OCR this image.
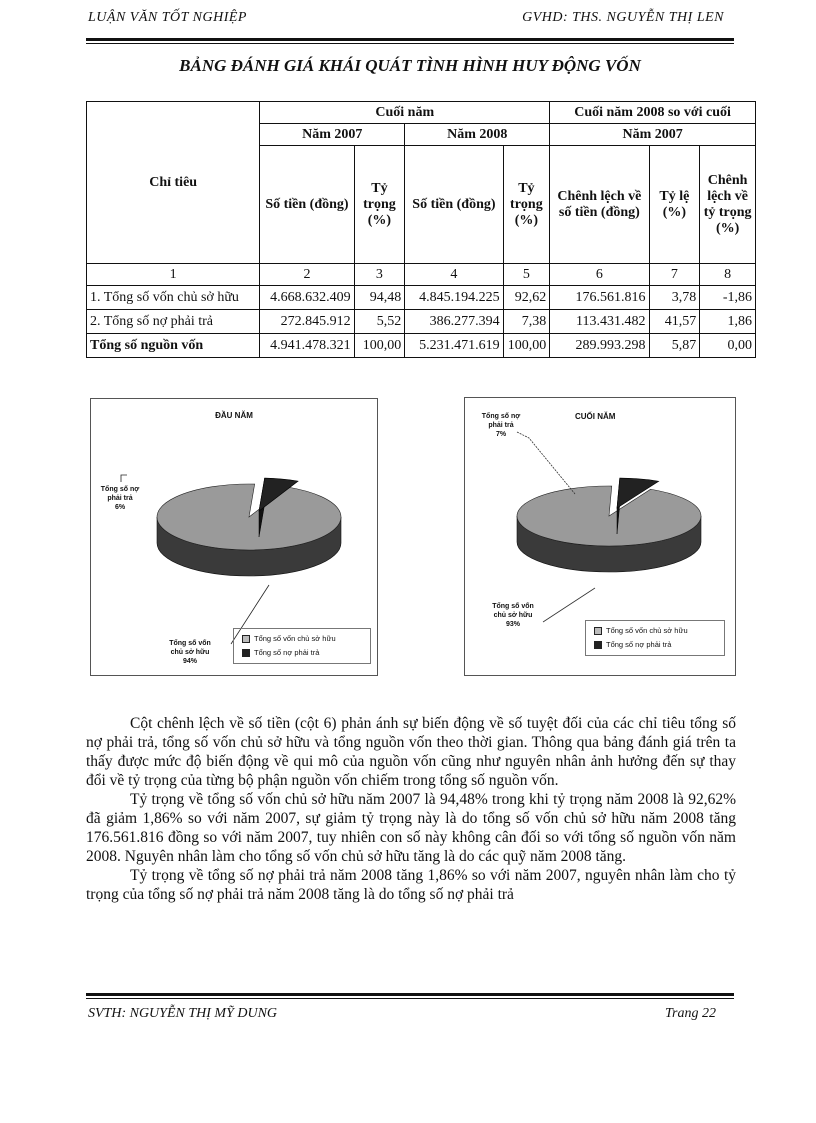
LUẬN VĂN TỐT NGHIỆP	GVHD: THS. NGUYỄN THỊ LEN
BẢNG ĐÁNH GIÁ KHÁI QUÁT TÌNH HÌNH HUY ĐỘNG VỐN
Chỉ tiêu	Cuối năm				Cuối năm 2008 so với cuối		
	Năm 2007		Năm 2008		Năm 2007		
	Số tiền (đồng)	Tỷ trọng (%)	Số tiền (đồng)	Tỷ trọng (%)	Chênh lệch về số tiền (đồng)	Tỷ lệ (%)	Chênh lệch về tỷ trọng (%)
1	2	3	4	5	6	7	8
1. Tổng số vốn chủ sở hữu	4.668.632.409	94,48	4.845.194.225	92,62	176.561.816	3,78	-1,86
2. Tổng số nợ phải trả	272.845.912	5,52	386.277.394	7,38	113.431.482	41,57	1,86
Tổng số nguồn vốn	4.941.478.321	100,00	5.231.471.619	100,00	289.993.298	5,87	0,00
ĐẦU NĂM
Tổng số nợ
phải trả
6%
Tổng số vốn
chủ sở hữu
94%
Tổng số vốn chủ sở hữu
Tổng số nợ phải trả
CUỐI NĂM
Tổng số nợ
phải trả
7%
Tổng số vốn
chủ sở hữu
93%
Tổng số vốn chủ sở hữu
Tổng số nợ phải trả

Cột chênh lệch về số tiền (cột 6) phản ánh sự biến động về số tuyệt đối của các chỉ tiêu tổng số nợ phải trả, tổng số vốn chủ sở hữu và tổng nguồn vốn theo thời gian. Thông qua bảng đánh giá trên ta thấy được mức độ biến động về qui mô của nguồn vốn cũng như nguyên nhân ảnh hưởng đến sự thay đổi về tỷ trọng của từng bộ phận nguồn vốn chiếm trong tổng số nguồn vốn.

Tỷ trọng về tổng số vốn chủ sở hữu năm 2007 là 94,48% trong khi tỷ trọng năm 2008 là 92,62% đã giảm 1,86% so với năm 2007, sự giảm tỷ trọng này là do tổng số vốn chủ sở hữu năm 2008 tăng 176.561.816 đồng so với năm 2007, tuy nhiên con số này không cân đối so với tổng số nguồn vốn năm 2008. Nguyên nhân làm cho tổng số vốn chủ sở hữu tăng là do các quỹ năm 2008 tăng.

Tỷ trọng về tổng số nợ phải trả năm 2008 tăng 1,86% so với năm 2007, nguyên nhân làm cho tỷ trọng của tổng số nợ phải trả năm 2008 tăng là do tổng số nợ phải trả

SVTH: NGUYỄN THỊ MỸ DUNG	Trang 22
